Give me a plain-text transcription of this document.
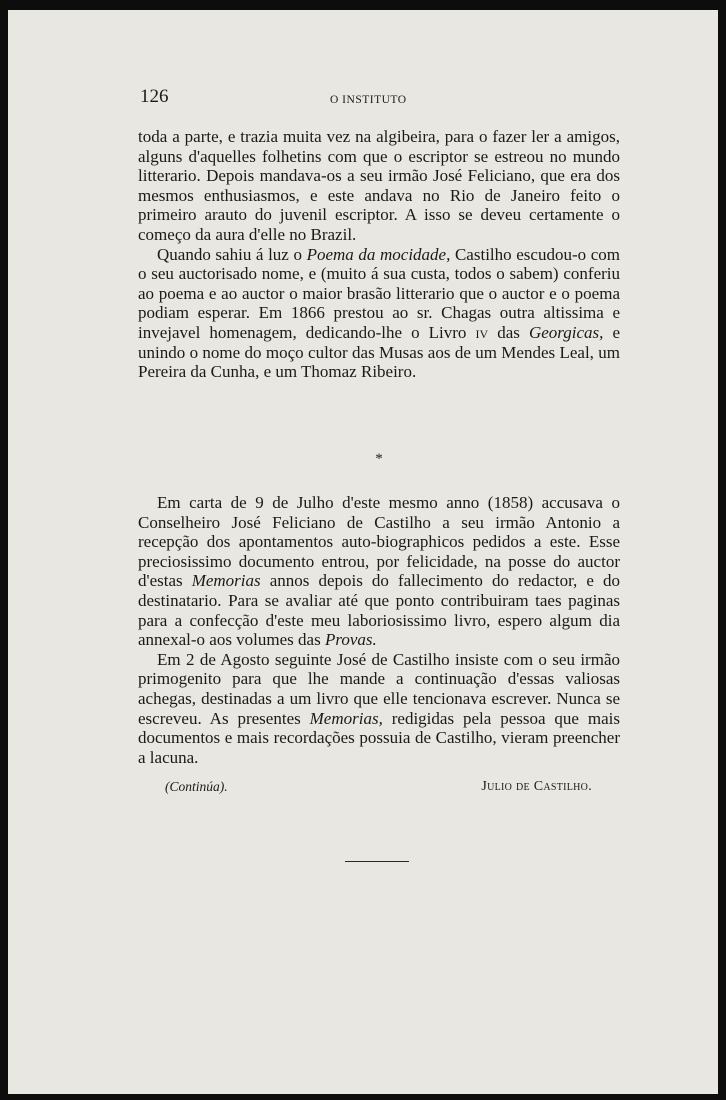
126	O INSTITUTO

toda a parte, e trazia muita vez na algibeira, para o fazer ler a amigos, alguns d'aquelles folhetins com que o escriptor se estreou no mundo litterario. Depois mandava-os a seu irmão José Feliciano, que era dos mesmos enthusiasmos, e este andava no Rio de Janeiro feito o primeiro arauto do juvenil escriptor. A isso se deveu certamente o começo da aura d'elle no Brazil.

Quando sahiu á luz o Poema da mocidade, Castilho escudou-o com o seu auctorisado nome, e (muito á sua custa, todos o sabem) conferiu ao poema e ao auctor o maior brasão litterario que o auctor e o poema podiam esperar. Em 1866 prestou ao sr. Chagas outra altissima e invejavel homenagem, dedicando-lhe o Livro iv das Georgicas, e unindo o nome do moço cultor das Musas aos de um Mendes Leal, um Pereira da Cunha, e um Thomaz Ribeiro.

*

Em carta de 9 de Julho d'este mesmo anno (1858) accusava o Conselheiro José Feliciano de Castilho a seu irmão Antonio a recepção dos apontamentos auto-biographicos pedidos a este. Esse preciosissimo documento entrou, por felicidade, na posse do auctor d'estas Memorias annos depois do fallecimento do redactor, e do destinatario. Para se avaliar até que ponto contribuiram taes paginas para a confecção d'este meu laboriosissimo livro, espero algum dia annexal-o aos volumes das Provas.

Em 2 de Agosto seguinte José de Castilho insiste com o seu irmão primogenito para que lhe mande a continuação d'essas valiosas achegas, destinadas a um livro que elle tencionava escrever. Nunca se escreveu. As presentes Memorias, redigidas pela pessoa que mais documentos e mais recordações possuia de Castilho, vieram preencher a lacuna.

(Continúa).	Julio de Castilho.
